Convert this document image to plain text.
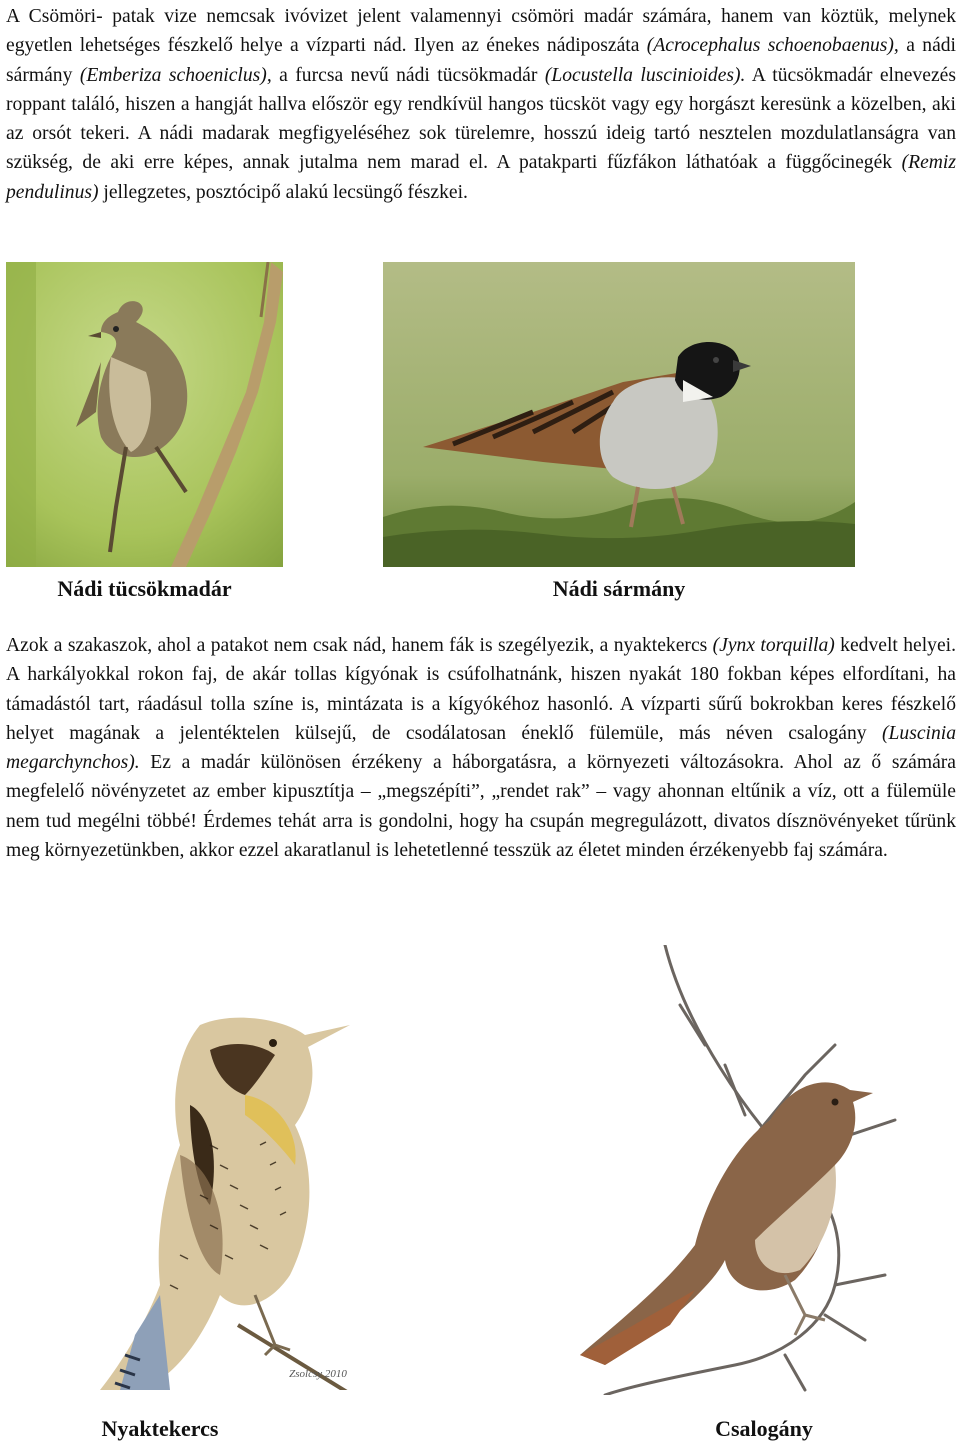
A Csömöri- patak vize nemcsak ivóvizet jelent valamennyi csömöri madár számára, hanem van köztük, melynek egyetlen lehetséges fészkelő helye a vízparti nád. Ilyen az énekes nádiposzáta (Acrocephalus schoenobaenus), a nádi sármány (Emberiza schoeniclus), a furcsa nevű nádi tücsökmadár (Locustella luscinioides). A tücsökmadár elnevezés roppant találó, hiszen a hangját hallva először egy rendkívül hangos tücsköt vagy egy horgászt keresünk a közelben, aki az orsót tekeri. A nádi madarak megfigyeléséhez sok türelemre, hosszú ideig tartó nesztelen mozdulatlanságra van szükség, de aki erre képes, annak jutalma nem marad el. A patakparti fűzfákon láthatóak a függőcinegék (Remiz pendulinus) jellegzetes, posztócipő alakú lecsüngő fészkei.

Nádi tücsökmadár	Nádi sármány

Azok a szakaszok, ahol a patakot nem csak nád, hanem fák is szegélyezik, a nyaktekercs (Jynx torquilla) kedvelt helyei. A harkályokkal rokon faj, de akár tollas kígyónak is csúfolhatnánk, hiszen nyakát 180 fokban képes elfordítani, ha támadástól tart, ráadásul tolla színe is, mintázata is a kígyókéhoz hasonló. A vízparti sűrű bokrokban keres fészkelő helyet magának a jelentéktelen külsejű, de csodálatosan éneklő fülemüle, más néven csalogány (Luscinia megarchynchos). Ez a madár különösen érzékeny a háborgatásra, a környezeti változásokra. Ahol az ő számára megfelelő növényzetet az ember kipusztítja – „megszépíti”, „rendet rak” – vagy ahonnan eltűnik a víz, ott a fülemüle nem tud megélni többé! Érdemes tehát arra is gondolni, hogy ha csupán megregulázott, divatos dísznövényeket tűrünk meg környezetünkben, akkor ezzel akaratlanul is lehetetlenné tesszük az életet minden érzékenyebb faj számára.

Zsolcsy 2010
Nyaktekercs	Csalogány
